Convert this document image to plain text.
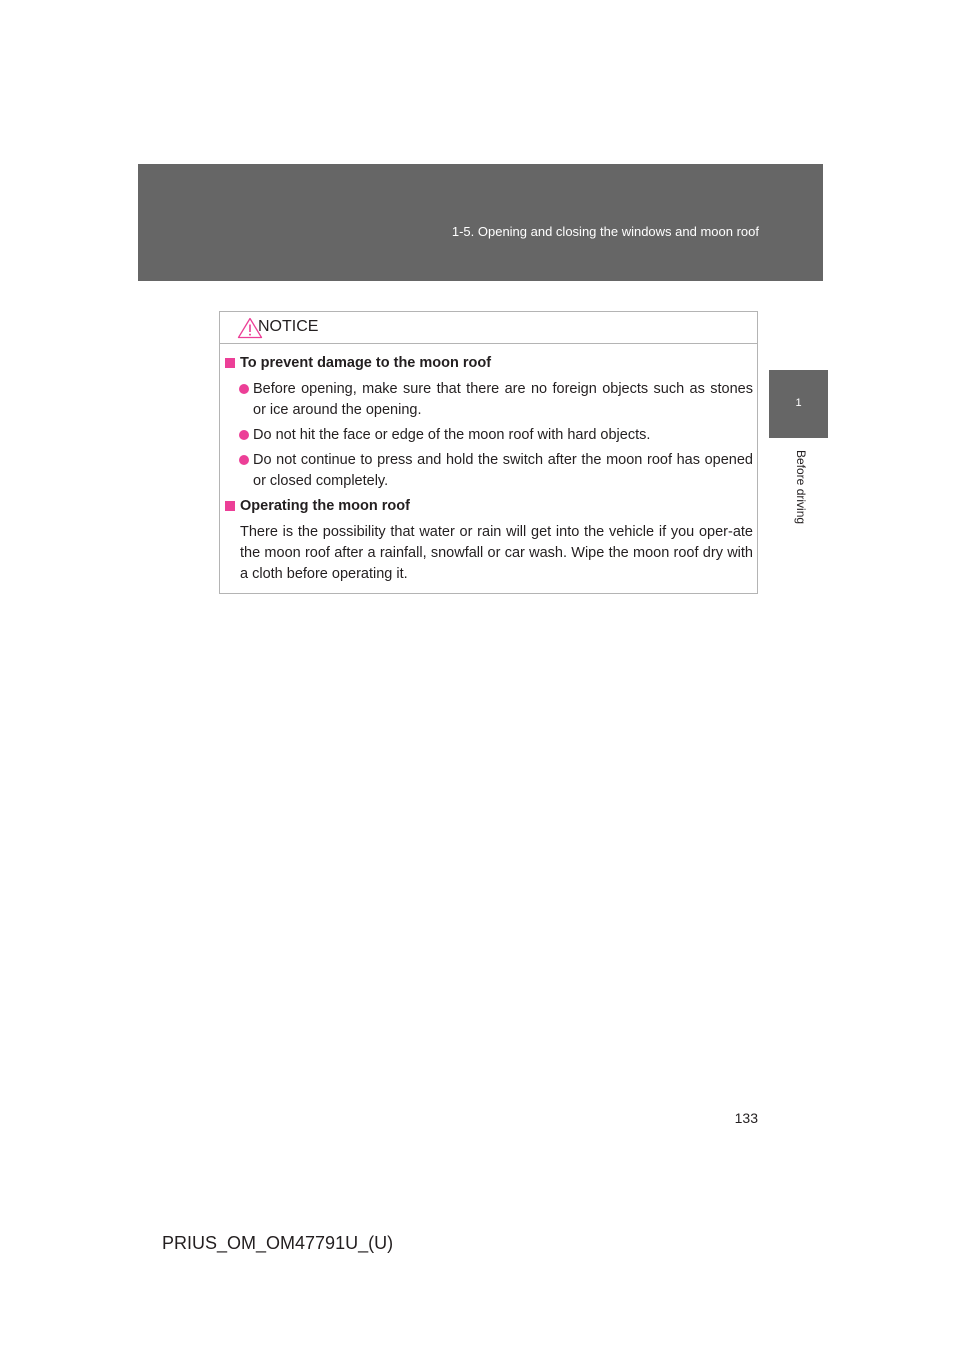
1-5. Opening and closing the windows and moon roof
1
Before driving
NOTICE
To prevent damage to the moon roof
Before opening, make sure that there are no foreign objects such as stones or ice around the opening.
Do not hit the face or edge of the moon roof with hard objects.
Do not continue to press and hold the switch after the moon roof has opened or closed completely.
Operating the moon roof
There is the possibility that water or rain will get into the vehicle if you oper-ate the moon roof after a rainfall, snowfall or car wash. Wipe the moon roof dry with a cloth before operating it.
133
PRIUS_OM_OM47791U_(U)
